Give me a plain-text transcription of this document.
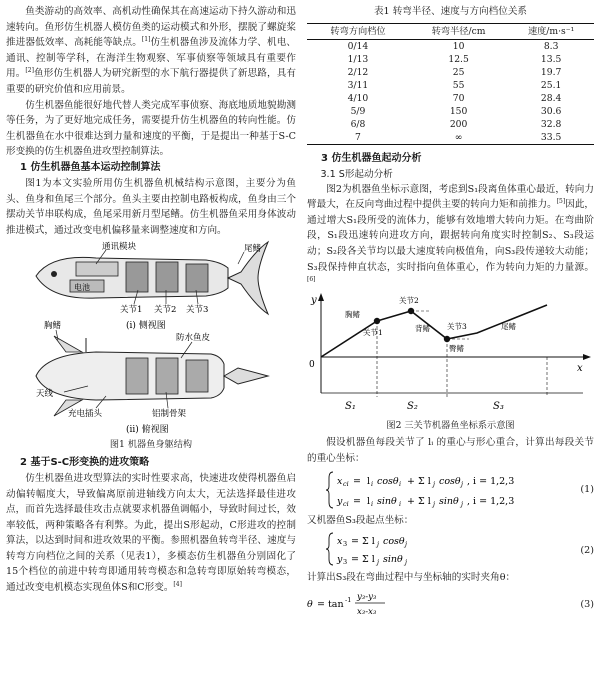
鱼类游动的高效率、高机动性确保其在高速运动下持久游动和迅速转向。鱼形仿生机器人模仿鱼类的运动模式和外形，摆脱了螺旋桨推进器低效率、高耗能等缺点。[1]仿生机器鱼涉及流体力学、机电、通讯、控制等学科，在海洋生物观察、军事侦察等领域具有重要作用。[2]鱼形仿生机器人为研究新型的水下航行器提供了新思路，具有重要的研究价值和应用前景。

仿生机器鱼能很好地代替人类完成军事侦察、海底地质地貌勘测等任务，为了更好地完成任务，需要提升仿生机器鱼的转向性能。仿生机器鱼在水中很难达到力量和速度的平衡，于是提出一种基于S-C形变换的仿生机器鱼进攻型控制算法。

1 仿生机器鱼基本运动控制算法

图1为本文实验所用仿生机器鱼机械结构示意图，主要分为鱼头、鱼身和鱼尾三个部分。鱼头主要由控制电路板构成，鱼身由三个摆动关节串联构成，鱼尾采用新月型尾鳍。仿生机器鱼采用身体波动推进模式，通过改变电机偏移量来调整速度和方向。

通讯模块	尾鳍
电池
关节1 关节2 关节3
(i) 侧视图
胸鳍
防水鱼皮
天线
充电插头	铝制骨架
(ii) 俯视图
图1 机器鱼身躯结构
2 基于S-C形变换的进攻策略

仿生机器鱼进攻型算法的实时性要求高，快速进攻使得机器鱼启动偏转幅度大，导致偏离原前进轴线方向太大，无法选择最佳进攻点，而首先选择最佳攻击点就要求机器鱼调幅小，导致时间过长，效率较低，两种策略各有利弊。为此，提出S形起动，C形进攻的控制算法，以达到时间和进攻效果的平衡。参照机器鱼转弯半径、速度与转弯方向档位之间的关系（见表1），多模态仿生机器鱼分别固化了15个档位的前进中转弯即通用转弯模态和急转弯即原始转弯模态，通过改变电机模态实现鱼体S和C形变。[4]

表1 转弯半径、速度与方向档位关系
转弯方向档位	转弯半径/cm	速度/m·s⁻¹
0/14	10	8.3
1/13	12.5	13.5
2/12	25	19.7
3/11	55	25.1
4/10	70	28.4
5/9	150	30.6
6/8	200	32.8
7	∞	33.5
3 仿生机器鱼起动分析
3.1 S形起动分析

图2为机器鱼坐标示意图，考虑到S₁段离鱼体重心最近，转向力臂最大，在反向弯曲过程中提供主要的转向力矩和前推力。[5]因此，通过增大S₁段所受的流体力，能够有效地增大转向力矩。在弯曲阶段，S₁段迅速转向进攻方向，跟据转向角度实时控制S₂、S₃段运动；S₂段各关节均以最大速度转向极值角，向S₃段传递较大动能；S₃段保持伸直状态，实时指向鱼体重心，作为转向力矩的力量源。[6]

y
x
0
胸鳍
关节1
关节2
背鳍 关节3
臀鳍
尾鳍
S₁	S₂	S₃
图2 三关节机器鱼坐标系示意图

假设机器鱼每段关节了 lᵢ 的重心与形心重合，计算出每段关节的重心坐标：

x ci = l i cosθ i + Σ l j cosθ j , i = 1,2,3
y ci = l i sinθ i + Σ l j sinθ j , i = 1,2,3
(1)

又机器鱼S₃段起点坐标：

x 3 = Σ l j cosθ j
y 3 = Σ l j sinθ j
(2)

计算出S₃段在弯曲过程中与坐标轴的实时夹角θ：

θ = tan -1 y₃-y₃
x₃-x₃
(3)
